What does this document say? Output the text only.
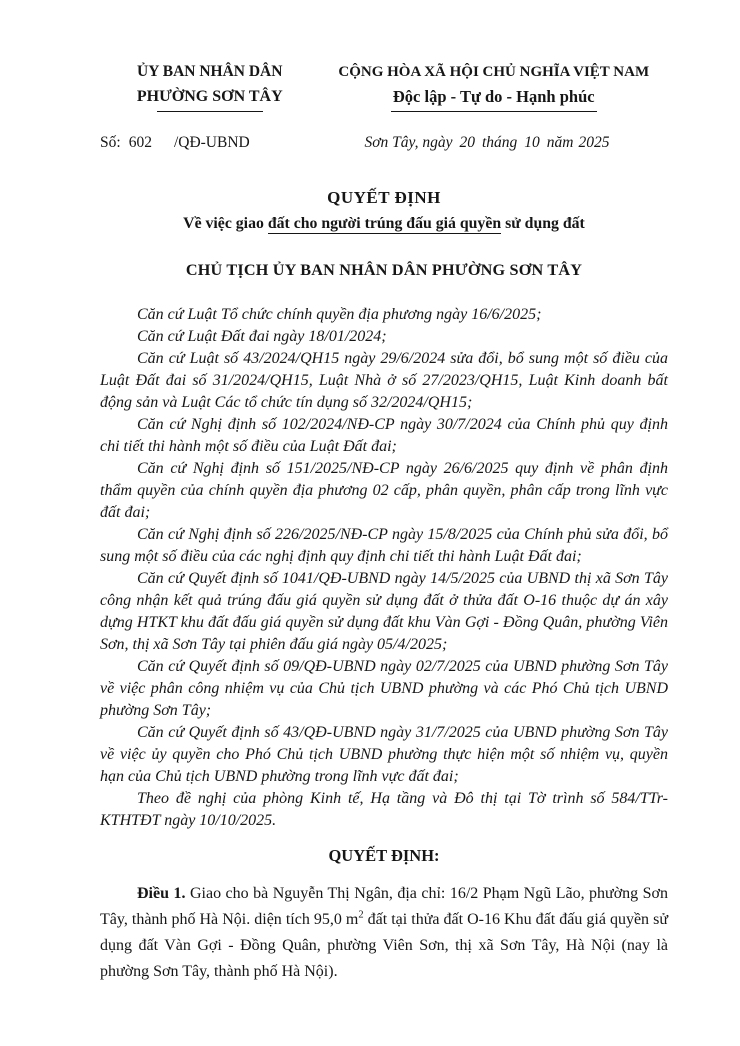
ỦY BAN NHÂN DÂN
PHƯỜNG SƠN TÂY
CỘNG HÒA XÃ HỘI CHỦ NGHĨA VIỆT NAM
Độc lập - Tự do - Hạnh phúc
Số: 602 /QĐ-UBND	Sơn Tây, ngày 20 tháng 10 năm 2025
QUYẾT ĐỊNH
Về việc giao đất cho người trúng đấu giá quyền sử dụng đất
CHỦ TỊCH ỦY BAN NHÂN DÂN PHƯỜNG SƠN TÂY

Căn cứ Luật Tổ chức chính quyền địa phương ngày 16/6/2025;

Căn cứ Luật Đất đai ngày 18/01/2024;

Căn cứ Luật số 43/2024/QH15 ngày 29/6/2024 sửa đổi, bổ sung một số điều của Luật Đất đai số 31/2024/QH15, Luật Nhà ở số 27/2023/QH15, Luật Kinh doanh bất động sản và Luật Các tổ chức tín dụng số 32/2024/QH15;

Căn cứ Nghị định số 102/2024/NĐ-CP ngày 30/7/2024 của Chính phủ quy định chi tiết thi hành một số điều của Luật Đất đai;

Căn cứ Nghị định số 151/2025/NĐ-CP ngày 26/6/2025 quy định về phân định thẩm quyền của chính quyền địa phương 02 cấp, phân quyền, phân cấp trong lĩnh vực đất đai;

Căn cứ Nghị định số 226/2025/NĐ-CP ngày 15/8/2025 của Chính phủ sửa đổi, bổ sung một số điều của các nghị định quy định chi tiết thi hành Luật Đất đai;

Căn cứ Quyết định số 1041/QĐ-UBND ngày 14/5/2025 của UBND thị xã Sơn Tây công nhận kết quả trúng đấu giá quyền sử dụng đất ở thửa đất O-16 thuộc dự án xây dựng HTKT khu đất đấu giá quyền sử dụng đất khu Vàn Gợi - Đồng Quân, phường Viên Sơn, thị xã Sơn Tây tại phiên đấu giá ngày 05/4/2025;

Căn cứ Quyết định số 09/QĐ-UBND ngày 02/7/2025 của UBND phường Sơn Tây về việc phân công nhiệm vụ của Chủ tịch UBND phường và các Phó Chủ tịch UBND phường Sơn Tây;

Căn cứ Quyết định số 43/QĐ-UBND ngày 31/7/2025 của UBND phường Sơn Tây về việc ủy quyền cho Phó Chủ tịch UBND phường thực hiện một số nhiệm vụ, quyền hạn của Chủ tịch UBND phường trong lĩnh vực đất đai;

Theo đề nghị của phòng Kinh tế, Hạ tầng và Đô thị tại Tờ trình số 584/TTr-KTHTĐT ngày 10/10/2025.

QUYẾT ĐỊNH:

Điều 1. Giao cho bà Nguyễn Thị Ngân, địa chỉ: 16/2 Phạm Ngũ Lão, phường Sơn Tây, thành phố Hà Nội. diện tích 95,0 $m^2$ đất tại thửa đất O-16 Khu đất đấu giá quyền sử dụng đất Vàn Gợi - Đồng Quân, phường Viên Sơn, thị xã Sơn Tây, Hà Nội (nay là phường Sơn Tây, thành phố Hà Nội).
